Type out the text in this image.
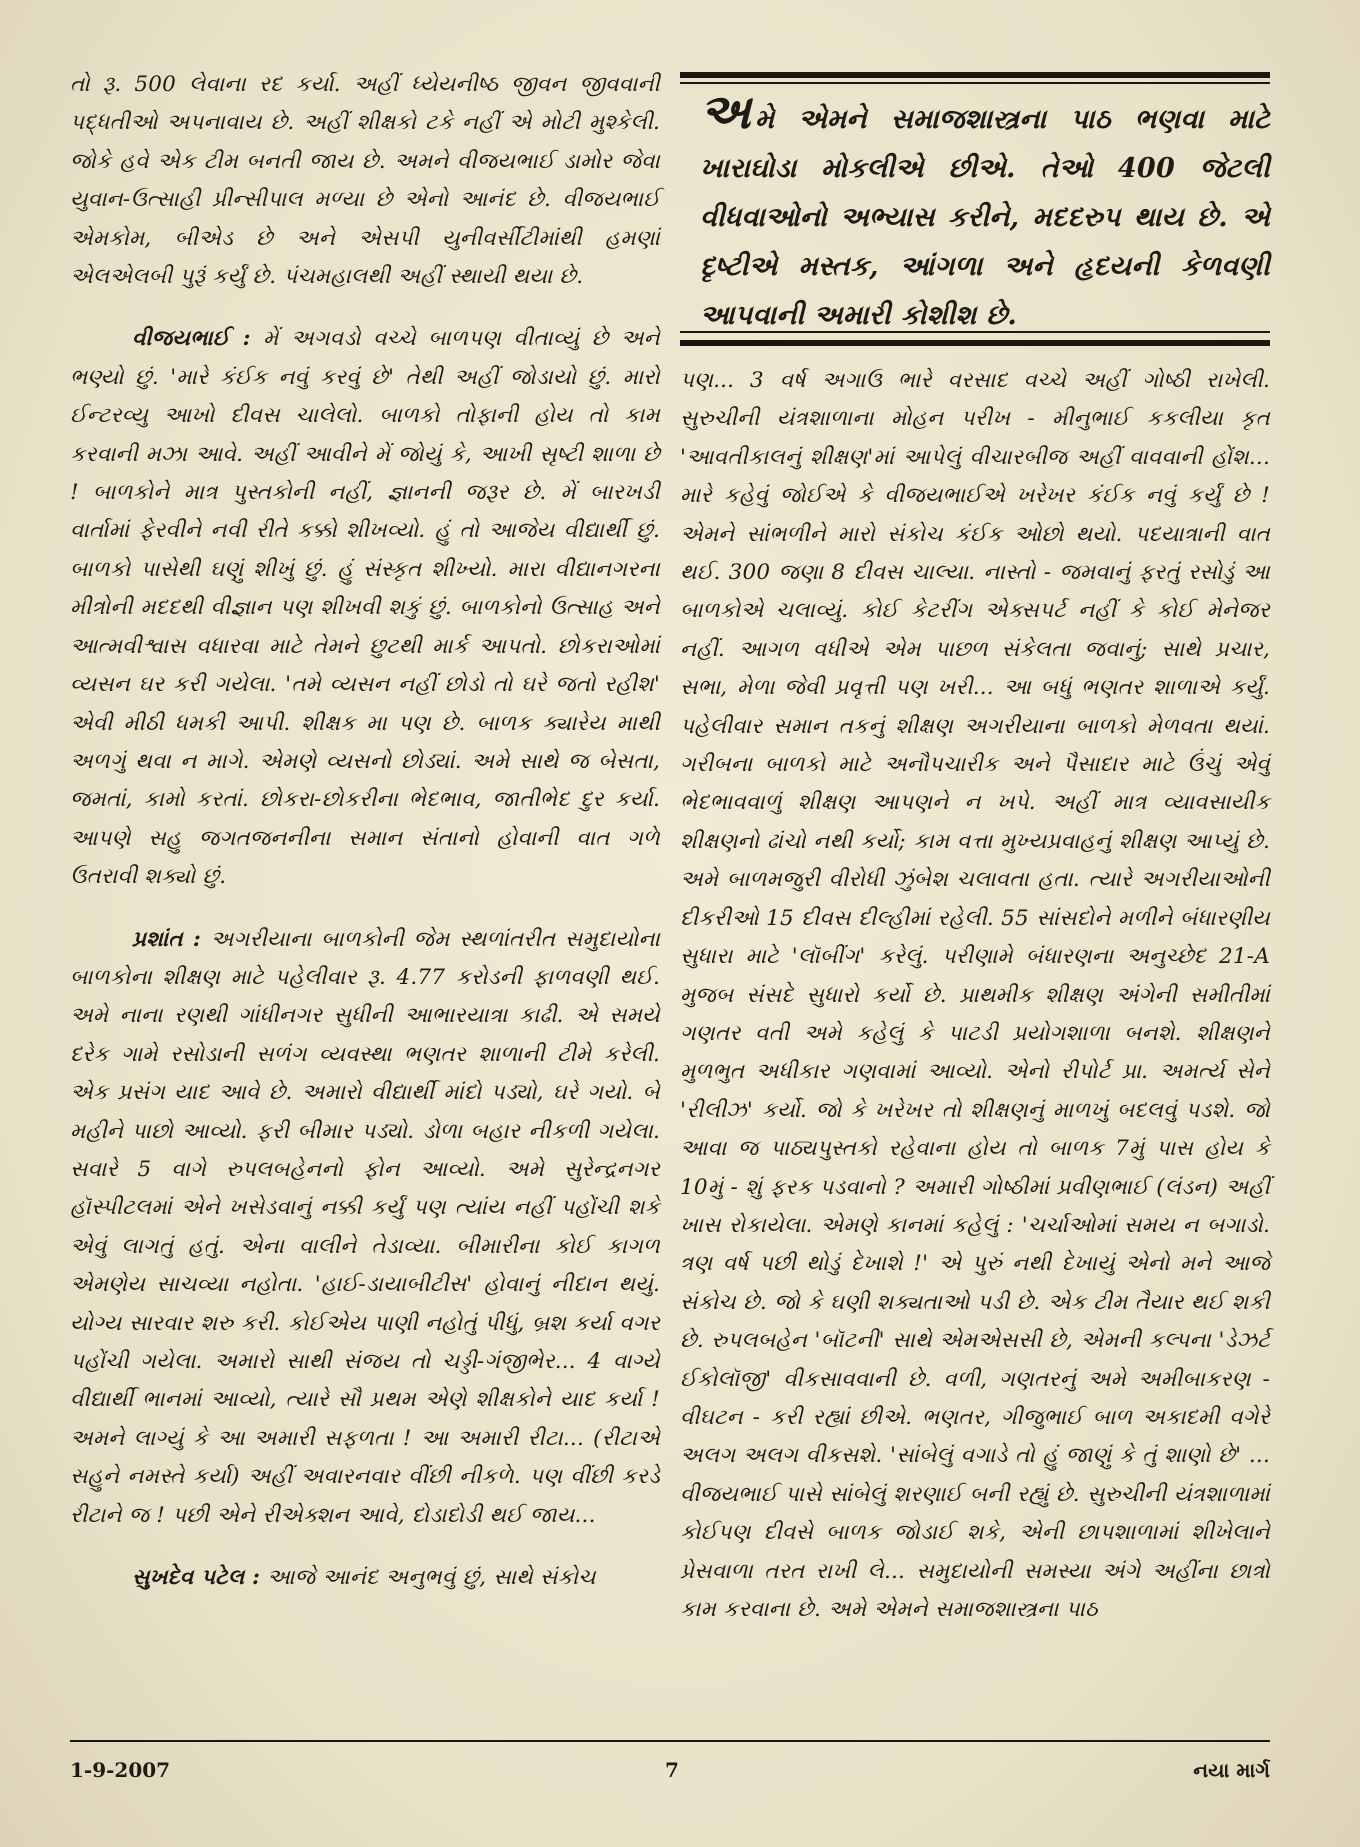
તો રૂ. 500 લેવાના રદ કર્યા. અહીં ધ્યેયનીષ્ઠ જીવન જીવવાની પદ્ધતીઓ અપનાવાય છે. અહીં શીક્ષકો ટકે નહીં એ મોટી મુશ્કેલી. જોકે હવે એક ટીમ બનતી જાય છે. અમને વીજયભાઈ ડામોર જેવા યુવાન-ઉત્સાહી પ્રીન્સીપાલ મળ્યા છે એનો આનંદ છે. વીજયભાઈ એમકોમ, બીએડ છે અને એસપી યુનીવર્સીટીમાંથી હમણાં એલએલબી પુરૂં કર્યું છે. પંચમહાલથી અહીં સ્થાયી થયા છે.

વીજયભાઈ : મેં અગવડો વચ્ચે બાળપણ વીતાવ્યું છે અને ભણ્યો છું. 'મારે કંઈક નવું કરવું છે' તેથી અહીં જોડાયો છું. મારો ઈન્ટરવ્યુ આખો દીવસ ચાલેલો. બાળકો તોફાની હોય તો કામ કરવાની મઝા આવે. અહીં આવીને મેં જોયું કે, આખી સૃષ્ટી શાળા છે ! બાળકોને માત્ર પુસ્તકોની નહીં, જ્ઞાનની જરૂર છે. મેં બારખડી વાર્તામાં ફેરવીને નવી રીતે કક્કો શીખવ્યો. હું તો આજેય વીદ્યાર્થી છું. બાળકો પાસેથી ઘણું શીખું છું. હું સંસ્કૃત શીખ્યો. મારા વીદ્યાનગરના મીત્રોની મદદથી વીજ્ઞાન પણ શીખવી શકું છું. બાળકોનો ઉત્સાહ અને આત્મવીશ્વાસ વધારવા માટે તેમને છુટથી માર્ક આપતો. છોકરાઓમાં વ્યસન ઘર કરી ગયેલા. 'તમે વ્યસન નહીં છોડો તો ઘરે જતો રહીશ' એવી મીઠી ધમકી આપી. શીક્ષક મા પણ છે. બાળક ક્યારેય માથી અળગું થવા ન માગે. એમણે વ્યસનો છોડ્યાં. અમે સાથે જ બેસતા, જમતાં, કામો કરતાં. છોકરા-છોકરીના ભેદભાવ, જાતીભેદ દુર કર્યા. આપણે સહુ જગતજનનીના સમાન સંતાનો હોવાની વાત ગળે ઉતરાવી શક્યો છું.

પ્રશાંત : અગરીયાના બાળકોની જેમ સ્થળાંતરીત સમુદાયોના બાળકોના શીક્ષણ માટે પહેલીવાર રૂ. 4.77 કરોડની ફાળવણી થઈ. અમે નાના રણથી ગાંધીનગર સુધીની આભારયાત્રા કાઢી. એ સમયે દરેક ગામે રસોડાની સળંગ વ્યવસ્થા ભણતર શાળાની ટીમે કરેલી. એક પ્રસંગ યાદ આવે છે. અમારો વીદ્યાર્થી માંદો પડ્યો, ઘરે ગયો. બે મહીને પાછો આવ્યો. ફરી બીમાર પડ્યો. ડોળા બહાર નીકળી ગયેલા. સવારે 5 વાગે રુપલબહેનનો ફોન આવ્યો. અમે સુરેન્દ્રનગર હૉસ્પીટલમાં એને ખસેડવાનું નક્કી કર્યું પણ ત્યાંય નહીં પહોંચી શકે એવું લાગતું હતું. એના વાલીને તેડાવ્યા. બીમારીના કોઈ કાગળ એમણેય સાચવ્યા નહોતા. 'હાઈ-ડાયાબીટીસ' હોવાનું નીદાન થયું. યોગ્ય સારવાર શરુ કરી. કોઈએય પાણી નહોતું પીધું, બ્રશ કર્યા વગર પહોંચી ગયેલા. અમારો સાથી સંજય તો ચડ્ડી-ગંજીભેર... 4 વાગ્યે વીદ્યાર્થી ભાનમાં આવ્યો, ત્યારે સૌ પ્રથમ એણે શીક્ષકોને યાદ કર્યા ! અમને લાગ્યું કે આ અમારી સફળતા ! આ અમારી રીટા... (રીટાએ સહુને નમસ્તે કર્યા) અહીં અવારનવાર વીંછી નીકળે. પણ વીંછી કરડે રીટાને જ ! પછી એને રીએક્શન આવે, દોડાદોડી થઈ જાય...

સુખદેવ પટેલ : આજે આનંદ અનુભવું છું, સાથે સંકોચ

અમે એમને સમાજશાસ્ત્રના પાઠ ભણવા માટે ખારાઘોડા મોકલીએ છીએ. તેઓ 400 જેટલી વીધવાઓનો અભ્યાસ કરીને, મદદરુપ થાય છે. એ દૃષ્ટીએ મસ્તક, આંગળા અને હૃદયની કેળવણી આપવાની અમારી કોશીશ છે.

પણ... 3 વર્ષ અગાઉ ભારે વરસાદ વચ્ચે અહીં ગોષ્ઠી રાખેલી. સુરુચીની યંત્રશાળાના મોહન પરીખ - મીનુભાઈ કકલીયા કૃત 'આવતીકાલનું શીક્ષણ'માં આપેલું વીચારબીજ અહીં વાવવાની હોંશ... મારે કહેવું જોઈએ કે વીજયભાઈએ ખરેખર કંઈક નવું કર્યું છે ! એમને સાંભળીને મારો સંકોચ કંઈક ઓછો થયો. પદયાત્રાની વાત થઈ. 300 જણા 8 દીવસ ચાલ્યા. નાસ્તો - જમવાનું ફરતું રસોડું આ બાળકોએ ચલાવ્યું. કોઈ કેટરીંગ એક્સપર્ટ નહીં કે કોઈ મેનેજર નહીં. આગળ વધીએ એમ પાછળ સંકેલતા જવાનું; સાથે પ્રચાર, સભા, મેળા જેવી પ્રવૃત્તી પણ ખરી... આ બધું ભણતર શાળાએ કર્યું. પહેલીવાર સમાન તકનું શીક્ષણ અગરીયાના બાળકો મેળવતા થયાં. ગરીબના બાળકો માટે અનૌપચારીક અને પૈસાદાર માટે ઉંચું એવું ભેદભાવવાળું શીક્ષણ આપણને ન ખપે. અહીં માત્ર વ્યાવસાયીક શીક્ષણનો ઢાંચો નથી કર્યો; કામ વત્તા મુખ્યપ્રવાહનું શીક્ષણ આપ્યું છે. અમે બાળમજુરી વીરોધી ઝુંબેશ ચલાવતા હતા. ત્યારે અગરીયાઓની દીકરીઓ 15 દીવસ દીલ્હીમાં રહેલી. 55 સાંસદોને મળીને બંધારણીય સુધારા માટે 'લૉબીંગ' કરેલું. પરીણામે બંધારણના અનુચ્છેદ 21-A મુજબ સંસદે સુધારો કર્યો છે. પ્રાથમીક શીક્ષણ અંગેની સમીતીમાં ગણતર વતી અમે કહેલું કે પાટડી પ્રયોગશાળા બનશે. શીક્ષણને મુળભુત અધીકાર ગણવામાં આવ્યો. એનો રીપોર્ટ પ્રા. અમર્ત્ય સેને 'રીલીઝ' કર્યો. જો કે ખરેખર તો શીક્ષણનું માળખું બદલવું પડશે. જો આવા જ પાઠ્યપુસ્તકો રહેવાના હોય તો બાળક 7મું પાસ હોય કે 10મું - શું ફરક પડવાનો ? અમારી ગોષ્ઠીમાં પ્રવીણભાઈ (લંડન) અહીં ખાસ રોકાયેલા. એમણે કાનમાં કહેલું : 'ચર્ચાઓમાં સમય ન બગાડો. ત્રણ વર્ષ પછી થોડું દેખાશે !' એ પુરું નથી દેખાયું એનો મને આજે સંકોચ છે. જો કે ઘણી શક્યતાઓ પડી છે. એક ટીમ તૈયાર થઈ શકી છે. રુપલબહેન 'બૉટની' સાથે એમએસસી છે, એમની કલ્પના 'ડેઝર્ટ ઈકોલૉજી' વીકસાવવાની છે. વળી, ગણતરનું અમે અમીબાકરણ - વીઘટન - કરી રહ્યાં છીએ. ભણતર, ગીજુભાઈ બાળ અકાદમી વગેરે અલગ અલગ વીકસશે. 'સાંબેલું વગાડે તો હું જાણું કે તું શાણો છે' ... વીજયભાઈ પાસે સાંબેલું શરણાઈ બની રહ્યું છે. સુરુચીની યંત્રશાળામાં કોઈપણ દીવસે બાળક જોડાઈ શકે, એની છાપશાળામાં શીખેલાને પ્રેસવાળા તરત રાખી લે... સમુદાયોની સમસ્યા અંગે અહીંના છાત્રો કામ કરવાના છે. અમે એમને સમાજશાસ્ત્રના પાઠ

1-9-2007	7	નયા માર્ગ
